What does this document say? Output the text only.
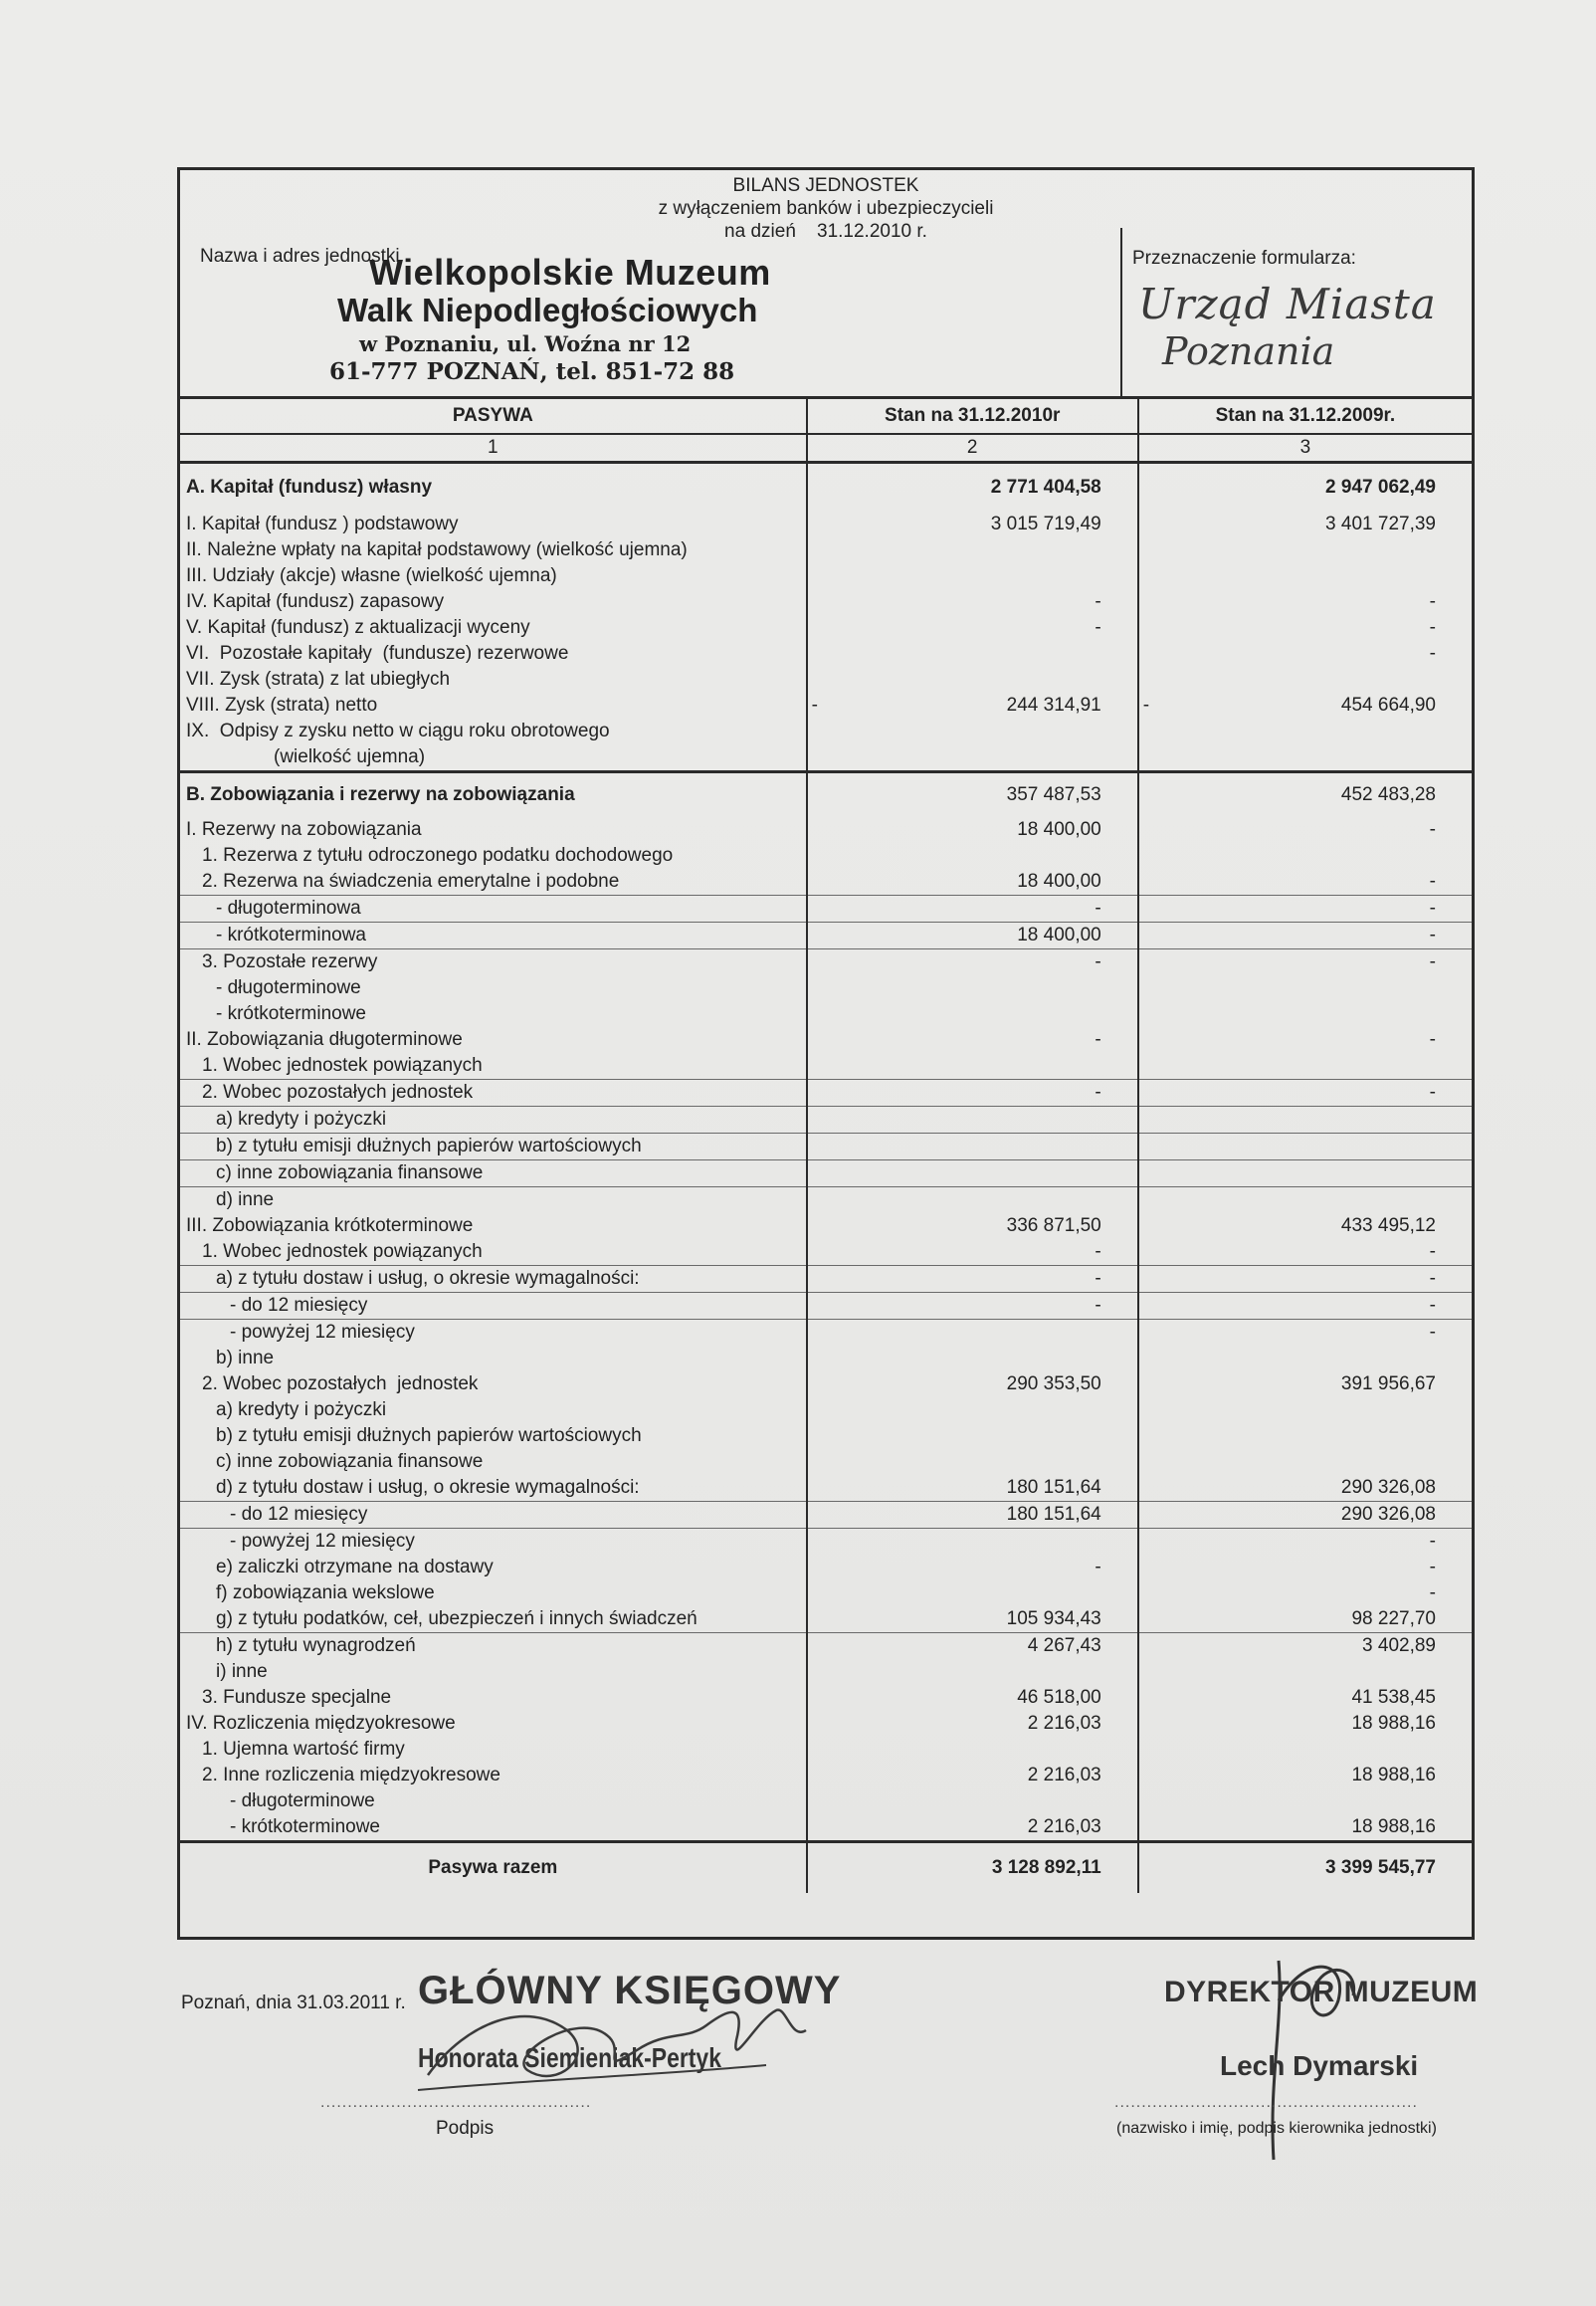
BILANS JEDNOSTEK
z wyłączeniem banków i ubezpieczycieli
na dzień    31.12.2010 r.
Nazwa i adres jednostki
Wielkopolskie Muzeum
Walk Niepodległościowych
w Poznaniu, ul. Woźna nr 12
61-777 POZNAŃ, tel. 851-72 88
Przeznaczenie formularza:
Urząd Miasta
Poznania
PASYWA	Stan na 31.12.2010r	Stan na 31.12.2009r.
1	2	3
A. Kapitał (fundusz) własny	2 771 404,58	2 947 062,49
I. Kapitał (fundusz ) podstawowy	3 015 719,49	3 401 727,39
II. Należne wpłaty na kapitał podstawowy (wielkość ujemna)		
III. Udziały (akcje) własne (wielkość ujemna)		
IV. Kapitał (fundusz) zapasowy	-	-
V. Kapitał (fundusz) z aktualizacji wyceny	-	-
VI.  Pozostałe kapitały  (fundusze) rezerwowe		-
VII. Zysk (strata) z lat ubiegłych		
VIII. Zysk (strata) netto	- 244 314,91	- 454 664,90
IX.  Odpisy z zysku netto w ciągu roku obrotowego
(wielkość ujemna)		
B. Zobowiązania i rezerwy na zobowiązania	357 487,53	452 483,28
I. Rezerwy na zobowiązania	18 400,00	-
1. Rezerwa z tytułu odroczonego podatku dochodowego		
2. Rezerwa na świadczenia emerytalne i podobne	18 400,00	-
- długoterminowa	-	-
- krótkoterminowa	18 400,00	-
3. Pozostałe rezerwy	-	-
- długoterminowe		
- krótkoterminowe		
II. Zobowiązania długoterminowe	-	-
1. Wobec jednostek powiązanych		
2. Wobec pozostałych jednostek	-	-
a) kredyty i pożyczki		
b) z tytułu emisji dłużnych papierów wartościowych		
c) inne zobowiązania finansowe		
d) inne		
III. Zobowiązania krótkoterminowe	336 871,50	433 495,12
1. Wobec jednostek powiązanych	-	-
a) z tytułu dostaw i usług, o okresie wymagalności:	-	-
- do 12 miesięcy	-	-
- powyżej 12 miesięcy		-
b) inne		
2. Wobec pozostałych  jednostek	290 353,50	391 956,67
a) kredyty i pożyczki		
b) z tytułu emisji dłużnych papierów wartościowych		
c) inne zobowiązania finansowe		
d) z tytułu dostaw i usług, o okresie wymagalności:	180 151,64	290 326,08
- do 12 miesięcy	180 151,64	290 326,08
- powyżej 12 miesięcy		-
e) zaliczki otrzymane na dostawy	-	-
f) zobowiązania wekslowe		-
g) z tytułu podatków, ceł, ubezpieczeń i innych świadczeń	105 934,43	98 227,70
h) z tytułu wynagrodzeń	4 267,43	3 402,89
i) inne		
3. Fundusze specjalne	46 518,00	41 538,45
IV. Rozliczenia międzyokresowe	2 216,03	18 988,16
1. Ujemna wartość firmy		
2. Inne rozliczenia międzyokresowe	2 216,03	18 988,16
- długoterminowe		
- krótkoterminowe	2 216,03	18 988,16
Pasywa razem	3 128 892,11	3 399 545,77
Poznań, dnia 31.03.2011 r. GŁÓWNY KSIĘGOWY
Honorata Siemieniak-Pertyk
..................................................
Podpis
DYREKTOR MUZEUM
Lech Dymarski
........................................................
(nazwisko i imię, podpis kierownika jednostki)
